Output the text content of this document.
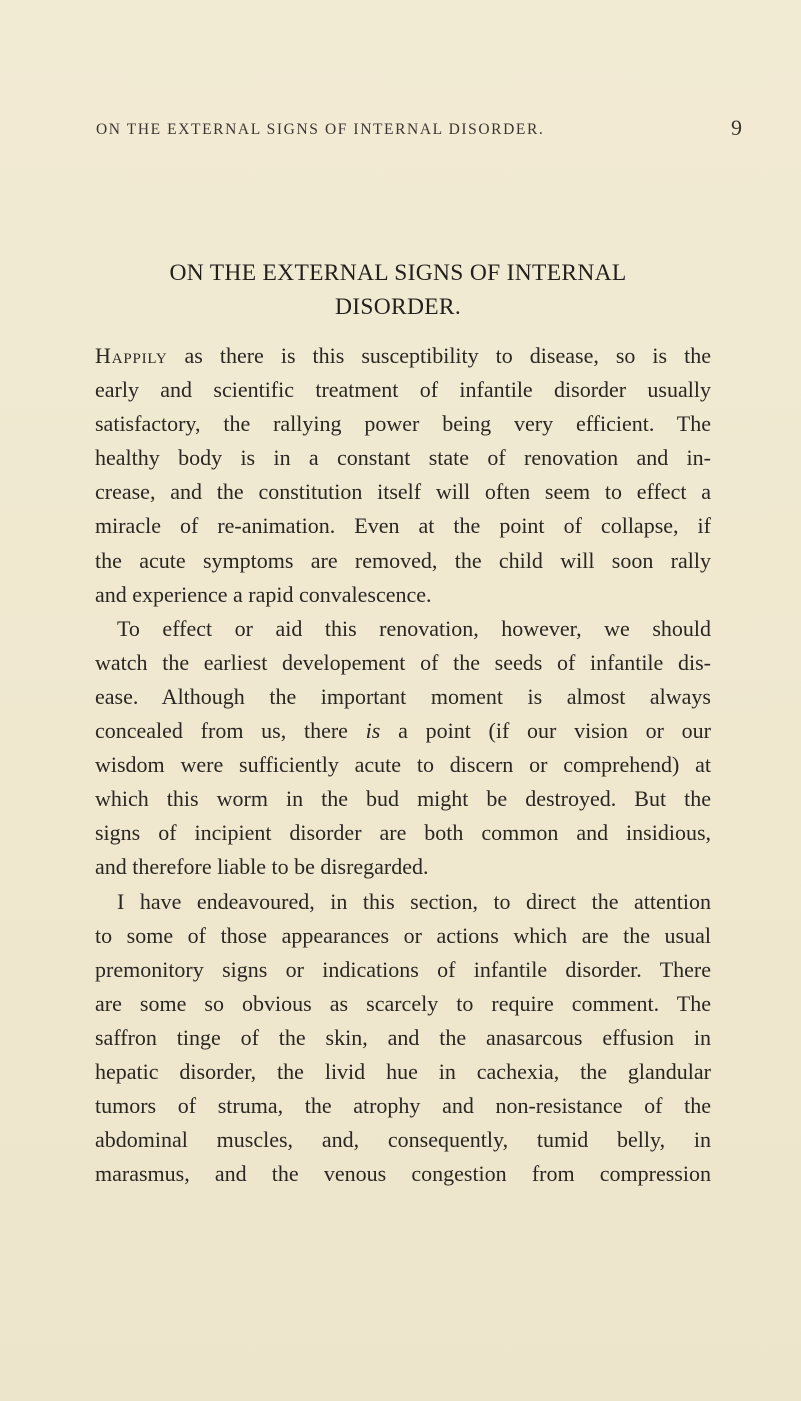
ON THE EXTERNAL SIGNS OF INTERNAL DISORDER.	9
ON THE EXTERNAL SIGNS OF INTERNAL
DISORDER.
Happily as there is this susceptibility to disease, so is the
early and scientific treatment of infantile disorder usually
satisfactory, the rallying power being very efficient. The
healthy body is in a constant state of renovation and in-
crease, and the constitution itself will often seem to effect a
miracle of re-animation. Even at the point of collapse, if
the acute symptoms are removed, the child will soon rally
and experience a rapid convalescence.
To effect or aid this renovation, however, we should
watch the earliest developement of the seeds of infantile dis-
ease. Although the important moment is almost always
concealed from us, there is a point (if our vision or our
wisdom were sufficiently acute to discern or comprehend) at
which this worm in the bud might be destroyed. But the
signs of incipient disorder are both common and insidious,
and therefore liable to be disregarded.
I have endeavoured, in this section, to direct the attention
to some of those appearances or actions which are the usual
premonitory signs or indications of infantile disorder. There
are some so obvious as scarcely to require comment. The
saffron tinge of the skin, and the anasarcous effusion in
hepatic disorder, the livid hue in cachexia, the glandular
tumors of struma, the atrophy and non-resistance of the
abdominal muscles, and, consequently, tumid belly, in
marasmus, and the venous congestion from compression
